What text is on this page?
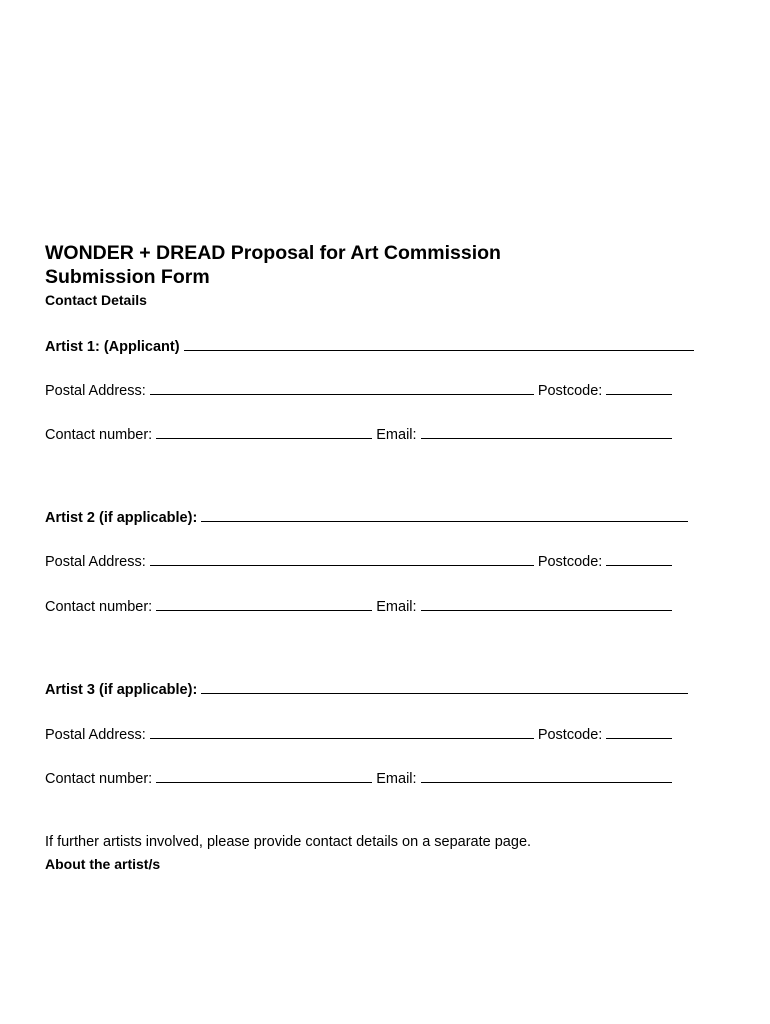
WONDER + DREAD Proposal for Art Commission
Submission Form
Contact Details
Artist 1: (Applicant)
Postal Address:	Postcode:
Contact number:	Email:
Artist 2 (if applicable):
Postal Address:	Postcode:
Contact number:	Email:
Artist 3 (if applicable):
Postal Address:	Postcode:
Contact number:	Email:
If further artists involved, please provide contact details on a separate page.
About the artist/s
